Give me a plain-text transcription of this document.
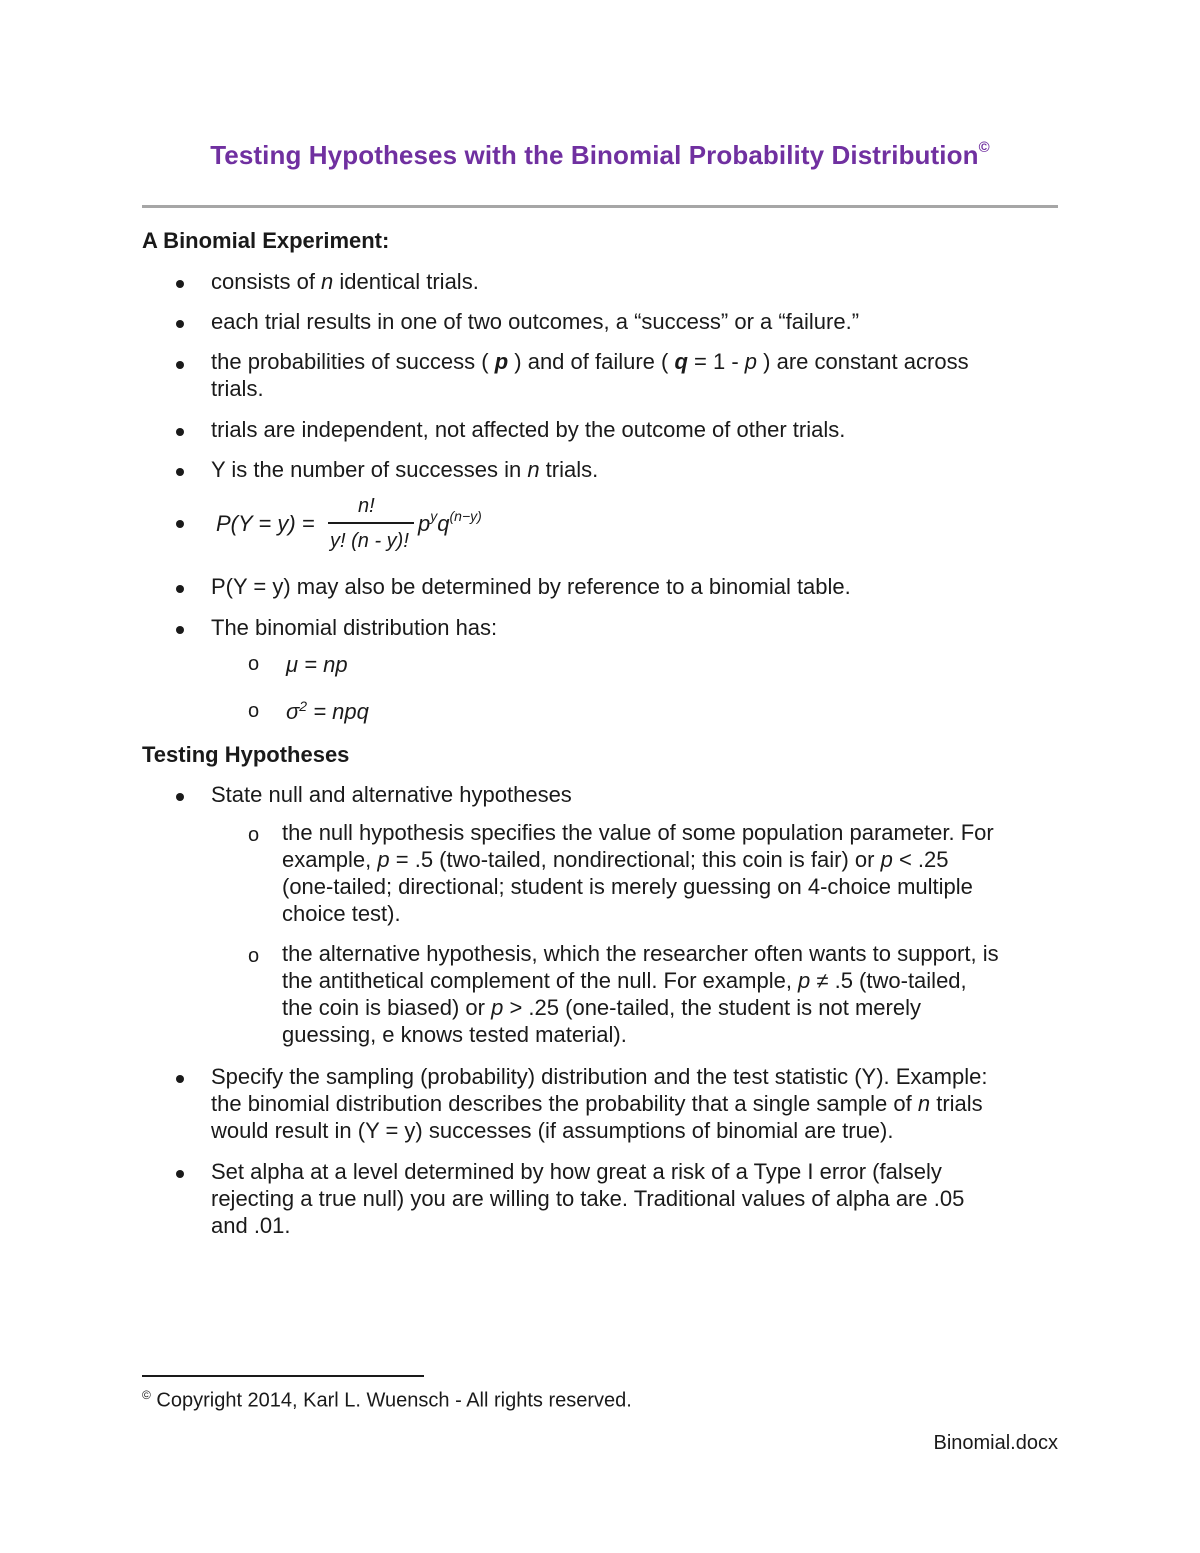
Testing Hypotheses with the Binomial Probability Distribution©
A Binomial Experiment:
consists of n identical trials.
each trial results in one of two outcomes, a “success” or a “failure.”
the probabilities of success ( p ) and of failure ( q = 1 - p ) are constant across
trials.
trials are independent, not affected by the outcome of other trials.
Y is the number of successes in n trials.
P(Y = y) =
n!
y! (n - y)!
$p^yq^{(n-y)}$
P(Y = y) may also be determined by reference to a binomial table.
The binomial distribution has:
o μ = np
o $\sigma^2$ = npq
Testing Hypotheses
State null and alternative hypotheses
o the null hypothesis specifies the value of some population parameter. For
example, p = .5 (two-tailed, nondirectional; this coin is fair) or p < .25
(one-tailed; directional; student is merely guessing on 4-choice multiple
choice test).
o the alternative hypothesis, which the researcher often wants to support, is
the antithetical complement of the null. For example, p ≠ .5 (two-tailed,
the coin is biased) or p > .25 (one-tailed, the student is not merely
guessing, e knows tested material).
Specify the sampling (probability) distribution and the test statistic (Y). Example:
the binomial distribution describes the probability that a single sample of n trials
would result in (Y = y) successes (if assumptions of binomial are true).
Set alpha at a level determined by how great a risk of a Type I error (falsely
rejecting a true null) you are willing to take. Traditional values of alpha are .05
and .01.
© Copyright 2014, Karl L. Wuensch - All rights reserved.
Binomial.docx
